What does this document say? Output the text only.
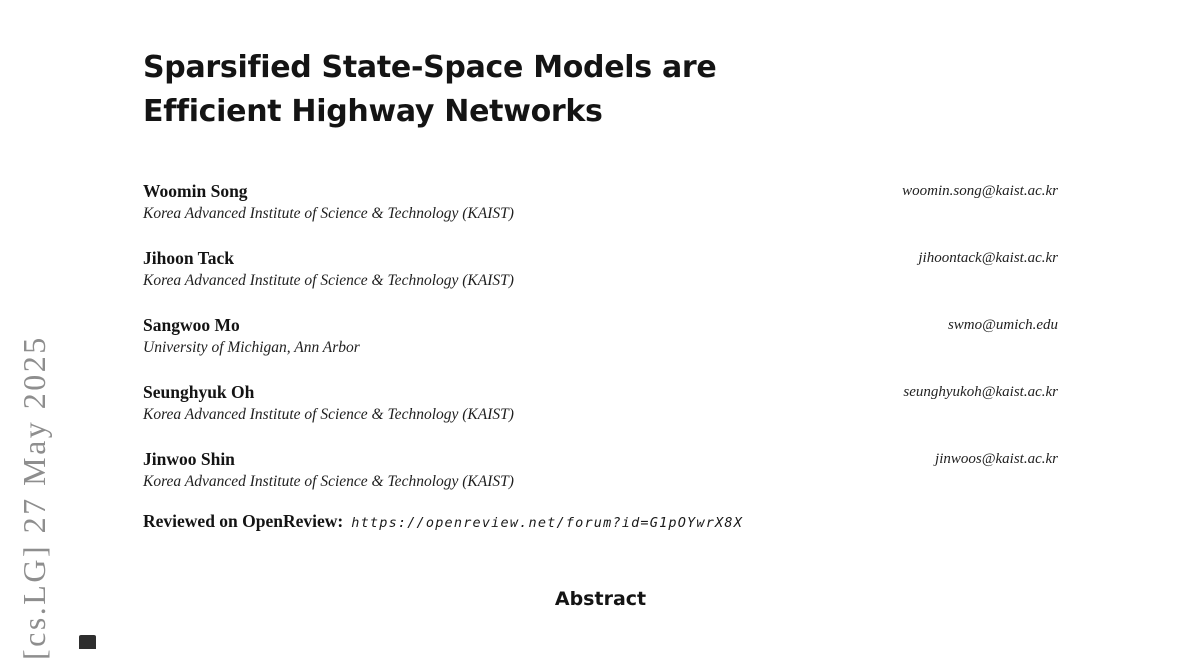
Sparsified State-Space Models are
Efficient Highway Networks
Woomin Song
Korea Advanced Institute of Science & Technology (KAIST)
woomin.song@kaist.ac.kr
Jihoon Tack
Korea Advanced Institute of Science & Technology (KAIST)
jihoontack@kaist.ac.kr
Sangwoo Mo
University of Michigan, Ann Arbor
swmo@umich.edu
Seunghyuk Oh
Korea Advanced Institute of Science & Technology (KAIST)
seunghyukoh@kaist.ac.kr
Jinwoo Shin
Korea Advanced Institute of Science & Technology (KAIST)
jinwoos@kaist.ac.kr
Reviewed on OpenReview: https://openreview.net/forum?id=G1pOYwrX8X
Abstract
[cs.LG] 27 May 2025
